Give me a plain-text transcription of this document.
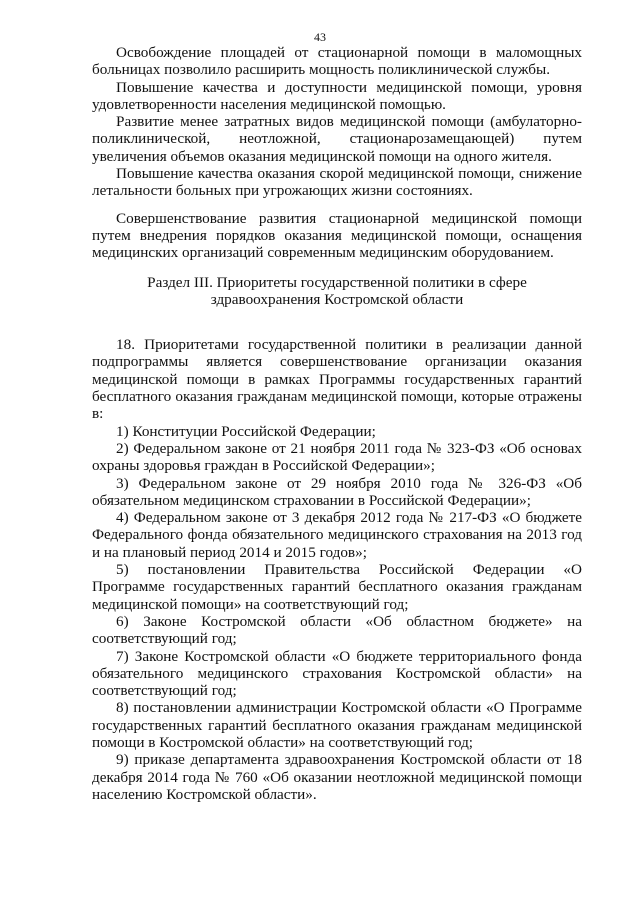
43

Освобождение площадей от стационарной помощи в маломощных больницах позволило расширить мощность поликлинической службы.

Повышение качества и доступности медицинской помощи, уровня удовлетворенности населения медицинской помощью.

Развитие менее затратных видов медицинской помощи (амбулаторно-поликлинической, неотложной, стационарозамещающей) путем увеличения объемов оказания медицинской помощи на одного жителя.

Повышение качества оказания скорой медицинской помощи, снижение летальности больных при угрожающих жизни состояниях.

Совершенствование развития стационарной медицинской помощи путем внедрения порядков оказания медицинской помощи, оснащения медицинских организаций современным медицинским оборудованием.

Раздел III. Приоритеты государственной политики в сфере
здравоохранения Костромской области

18. Приоритетами государственной политики в реализации данной подпрограммы является совершенствование организации оказания медицинской помощи в рамках Программы государственных гарантий бесплатного оказания гражданам медицинской помощи, которые отражены в:

1) Конституции Российской Федерации;

2) Федеральном законе от 21 ноября 2011 года № 323-ФЗ «Об основах охраны здоровья граждан в Российской Федерации»;

3) Федеральном законе от 29 ноября 2010 года № 326-ФЗ «Об обязательном медицинском страховании в Российской Федерации»;

4) Федеральном законе от 3 декабря 2012 года № 217-ФЗ «О бюджете Федерального фонда обязательного медицинского страхования на 2013 год и на плановый период 2014 и 2015 годов»;

5) постановлении Правительства Российской Федерации «О Программе государственных гарантий бесплатного оказания гражданам медицинской помощи» на соответствующий год;

6) Законе Костромской области «Об областном бюджете» на соответствующий год;

7) Законе Костромской области «О бюджете территориального фонда обязательного медицинского страхования Костромской области» на соответствующий год;

8) постановлении администрации Костромской области «О Программе государственных гарантий бесплатного оказания гражданам медицинской помощи в Костромской области» на соответствующий год;

9) приказе департамента здравоохранения Костромской области от 18 декабря 2014 года № 760 «Об оказании неотложной медицинской помощи населению Костромской области».
